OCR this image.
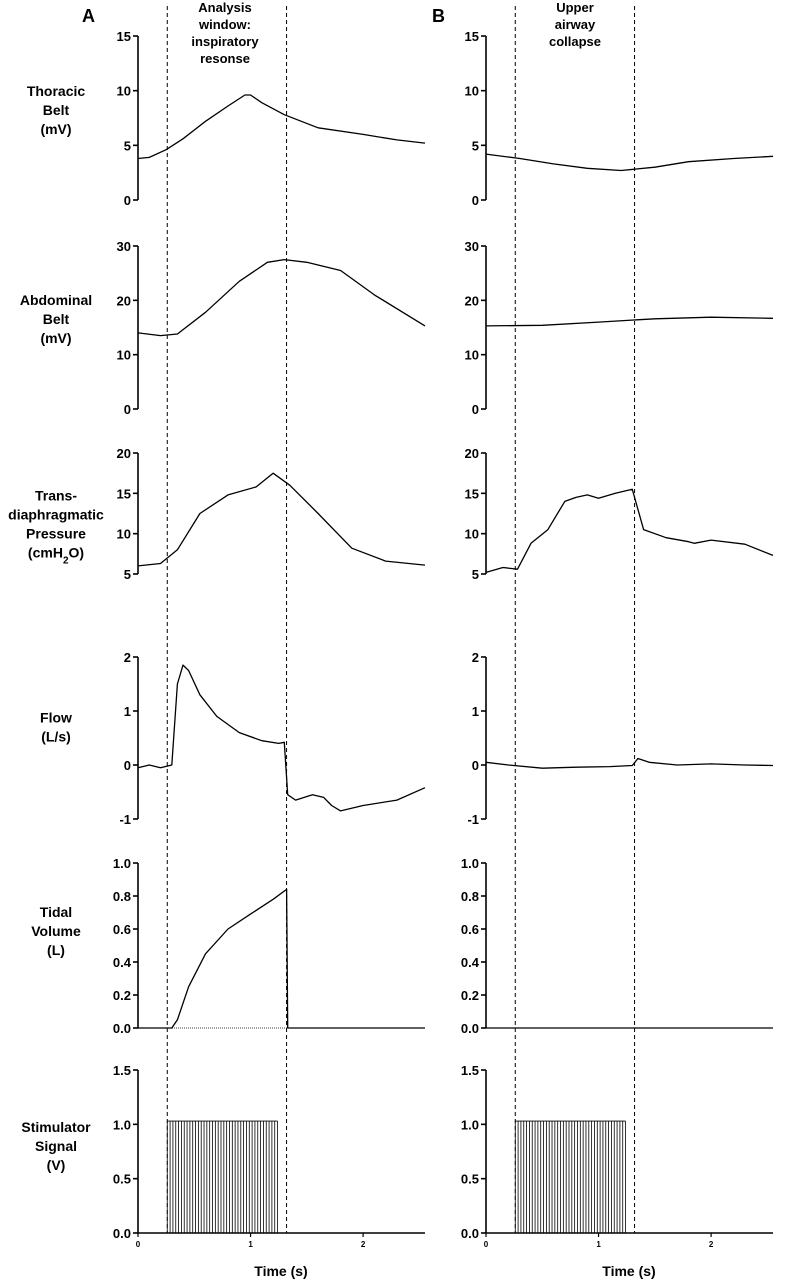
A	B
Analysis
window:
inspiratory
resonse
Upper
airway
collapse
0
5
10
15
0
10
20
30
5
10
15
20
-1
0
1
2
0.0
0.2
0.4
0.6
0.8
1.0
0.0
0.5
1.0
1.5
0	1	2
Time (s)
0
5
10
15
0
10
20
30
5
10
15
20
-1
0
1
2
0.0
0.2
0.4
0.6
0.8
1.0
0.0
0.5
1.0
1.5
0	1	2
Time (s)
Thoracic
Belt
(mV)
Abdominal
Belt
(mV)
Trans-
diaphragmatic
Pressure
(cmH$_2$O)
Flow
(L/s)
Tidal
Volume
(L)
Stimulator
Signal
(V)
